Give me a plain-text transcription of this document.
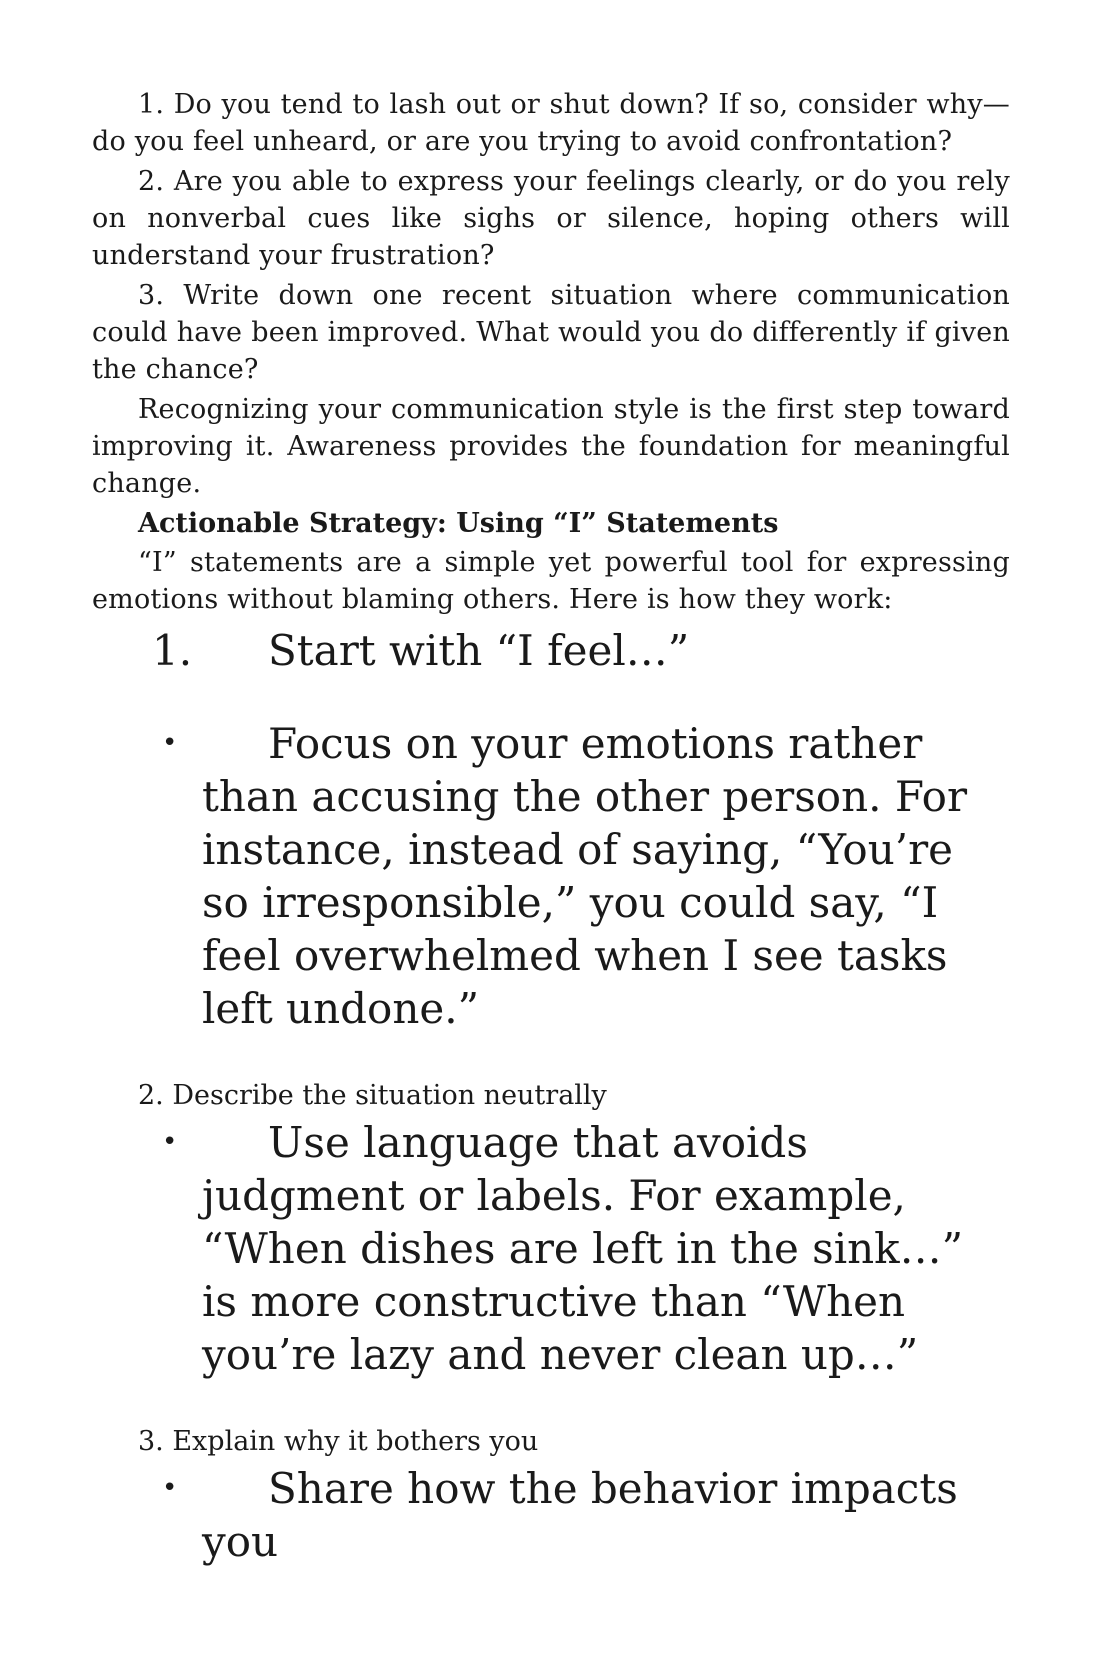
1. Do you tend to lash out or shut down? If so, consider why—do you feel unheard, or are you trying to avoid confrontation?

2. Are you able to express your feelings clearly, or do you rely on nonverbal cues like sighs or silence, hoping others will understand your frustration?

3. Write down one recent situation where communication could have been improved. What would you do differently if given the chance?

Recognizing your communication style is the first step toward improving it. Awareness provides the foundation for meaningful change.

Actionable Strategy: Using “I” Statements

“I” statements are a simple yet powerful tool for expressing emotions without blaming others. Here is how they work:

1. Start with “I feel…”
•	Focus on your emotions rather than accusing the other person. For instance, instead of saying, “You’re so irresponsible,” you could say, “I feel overwhelmed when I see tasks left undone.”

2. Describe the situation neutrally

•	Use language that avoids judgment or labels. For example, “When dishes are left in the sink…” is more constructive than “When you’re lazy and never clean up…”

3. Explain why it bothers you

•	Share how the behavior impacts you
